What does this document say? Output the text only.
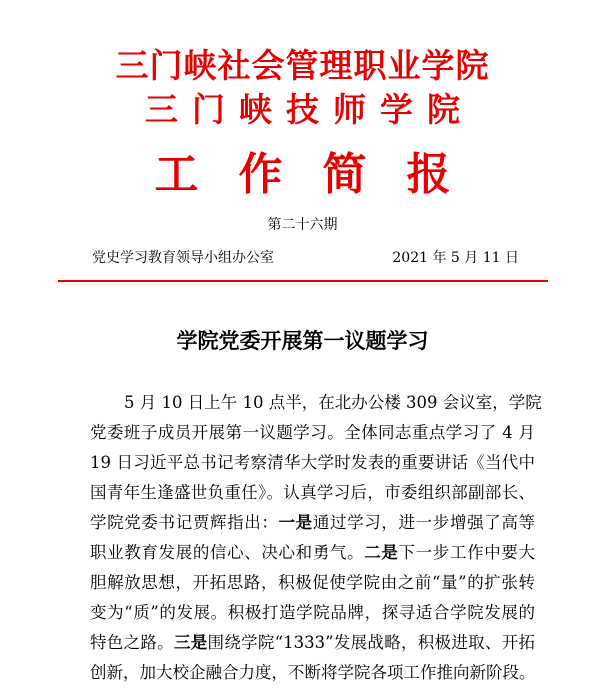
三门峡社会管理职业学院
三门峡技师学院
工作简报
第二十六期
党史学习教育领导小组办公室	2021 年 5 月 11 日
学院党委开展第一议题学习
5 月 10 日上午 10 点半，在北办公楼 309 会议室，学院
党委班子成员开展第一议题学习。全体同志重点学习了 4 月
19 日习近平总书记考察清华大学时发表的重要讲话《当代中
国青年生逢盛世负重任》。认真学习后，市委组织部副部长、
学院党委书记贾辉指出：一是通过学习，进一步增强了高等
职业教育发展的信心、决心和勇气。二是下一步工作中要大
胆解放思想，开拓思路，积极促使学院由之前“量”的扩张转
变为“质”的发展。积极打造学院品牌，探寻适合学院发展的
特色之路。三是围绕学院“1333”发展战略，积极进取、开拓
创新，加大校企融合力度，不断将学院各项工作推向新阶段。
